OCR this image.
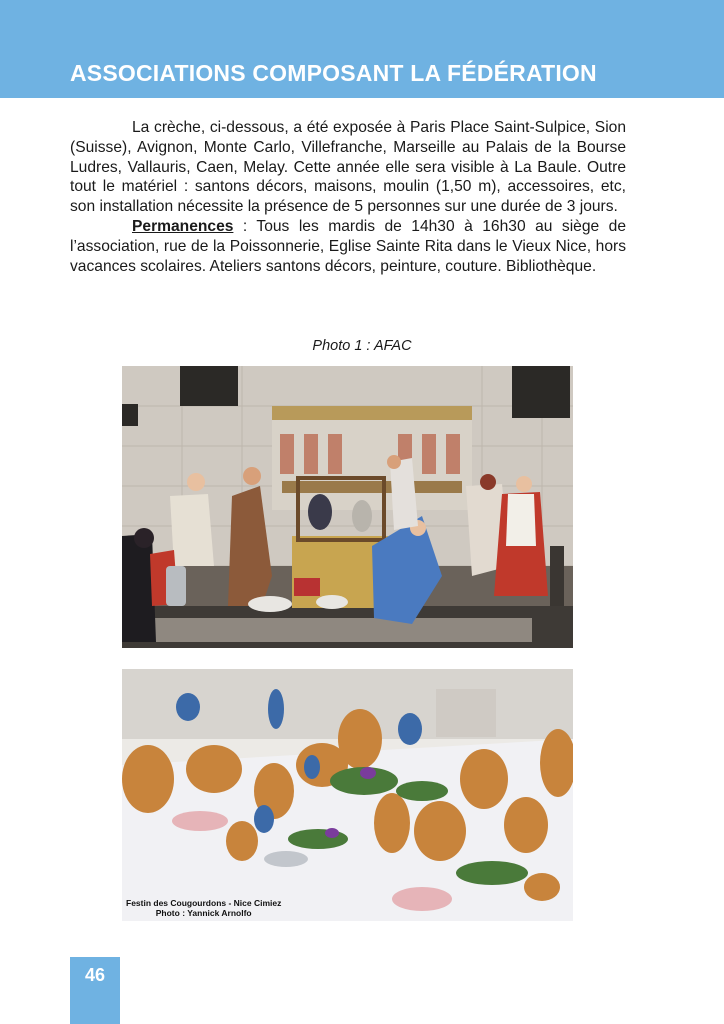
ASSOCIATIONS COMPOSANT LA FÉDÉRATION

La crèche, ci-dessous, a été exposée à Paris Place Saint-Sulpice, Sion (Suisse), Avignon, Monte Carlo, Villefranche, Marseille au Palais de la Bourse Ludres, Vallauris, Caen, Melay. Cette année elle sera visible à La Baule. Outre tout le matériel : santons décors, maisons, moulin (1,50 m), accessoires, etc, son installation nécessite la présence de 5 personnes sur une durée de 3 jours.

Permanences : Tous les mardis de 14h30 à 16h30 au siège de l’association, rue de la Poissonnerie, Eglise Sainte Rita dans le Vieux Nice, hors vacances scolaires. Ateliers santons décors, peinture, couture. Bibliothèque.

Photo 1 : AFAC
Festin des Cougourdons - Nice Cimiez
Photo : Yannick Arnolfo
46
